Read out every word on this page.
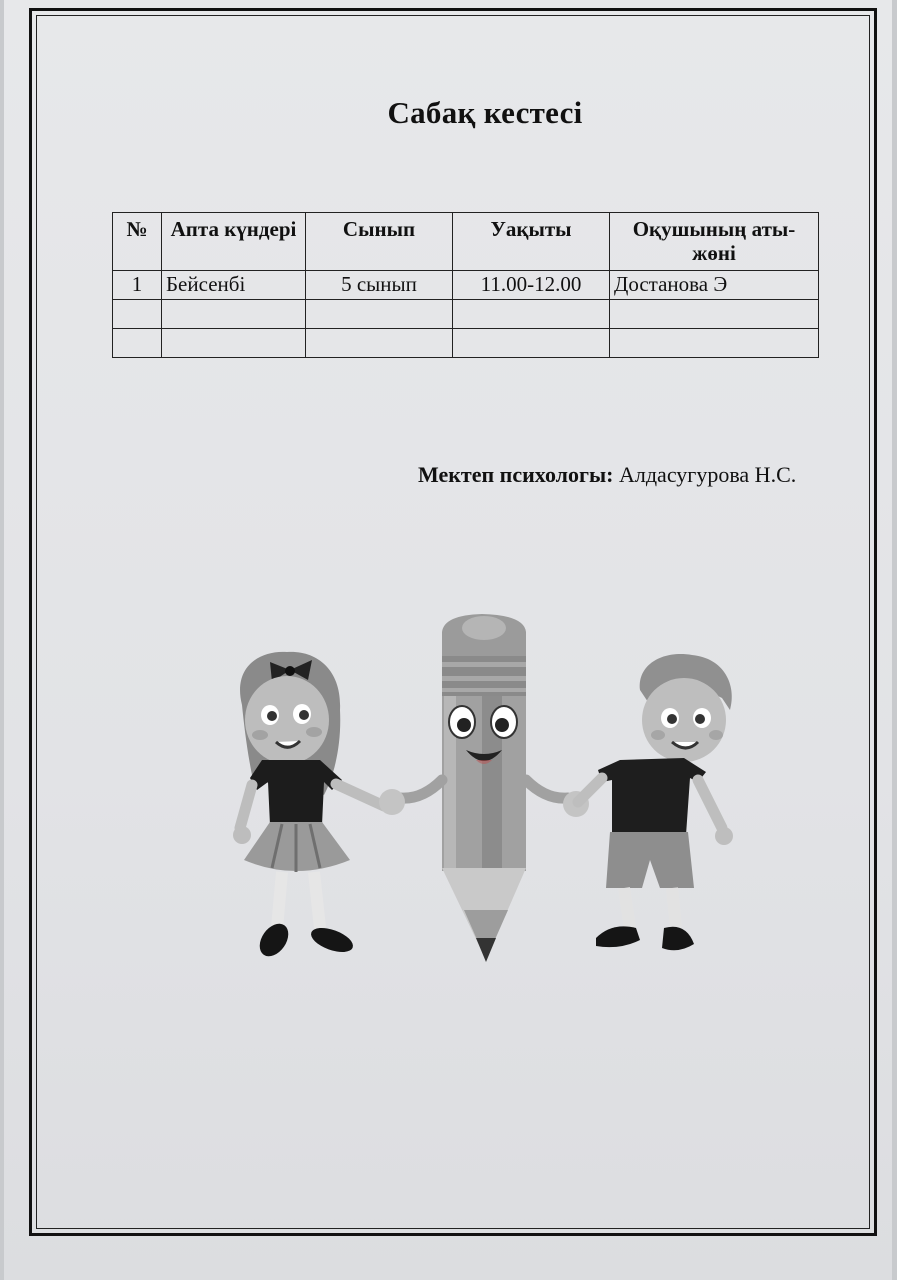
Сабақ кестесі
№	Апта күндері	Сынып	Уақыты	Оқушының аты-жөні
1	Бейсенбі	5 сынып	11.00-12.00	Достанова Э

Мектеп психологы: Алдасугурова Н.С.
